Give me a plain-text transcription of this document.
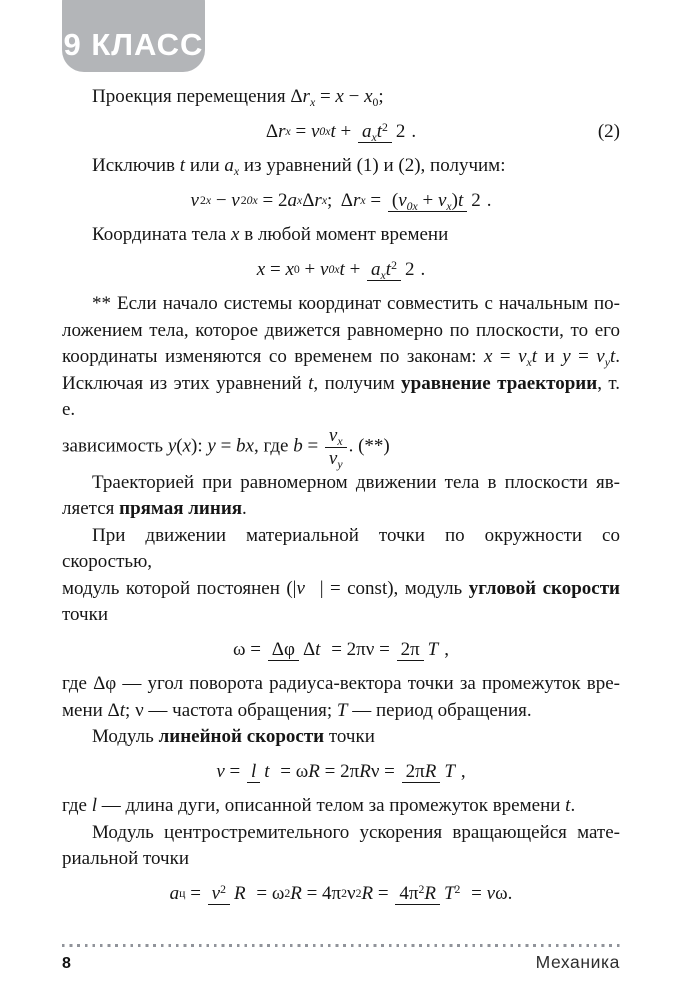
9 КЛАСС
Проекция перемещения $\Delta r_x = x - x_0$;
Δ r x = v 0x $t + a_xt^2$ 2 .	(2)
Исключив t или $a_x$ из уравнений (1) и (2), получим:
v 2x − v 20x = 2 a x Δ r x ;  Δ r $x = (v_{0x} + v_x)t$ 2 .
Координата тела x в любой момент времени
x = x 0 + v 0x $t + a_xt^2$ 2 .
** Если начало системы координат совместить с начальным по-
ложением тела, которое движется равномерно по плоскости, то его
координаты изменяются со временем по законам: $x = v_xt$ и $y = v_yt$.
Исключая из этих уравнений t, получим уравнение траектории, т. е.
зависимость y(x): y = bx, где $b = \frac{v_x}{v_y}$ . (**)
Траекторией при равномерном движении тела в плоскости яв-
ляется прямая линия.
При движении материальной точки по окружности со скоростью,
модуль которой постоянен (|v⃗| = const), модуль угловой скорости
точки
ω = Δφ Δt = 2πν = 2π T ,
где Δφ — угол поворота радиуса-вектора точки за промежуток вре-
мени Δt; ν — частота обращения; T — период обращения.
Модуль линейной скорости точки
v = l t = ω R = 2π R ν = 2πR T ,
где l — длина дуги, описанной телом за промежуток времени t.
Модуль центростремительного ускорения вращающейся мате-
риальной точки
a $ц = v^2$ R = ω 2 R = 4π 2 ν 2 $R = 4\pi^2R$ $T^2 = v$ ω.
8	Механика
